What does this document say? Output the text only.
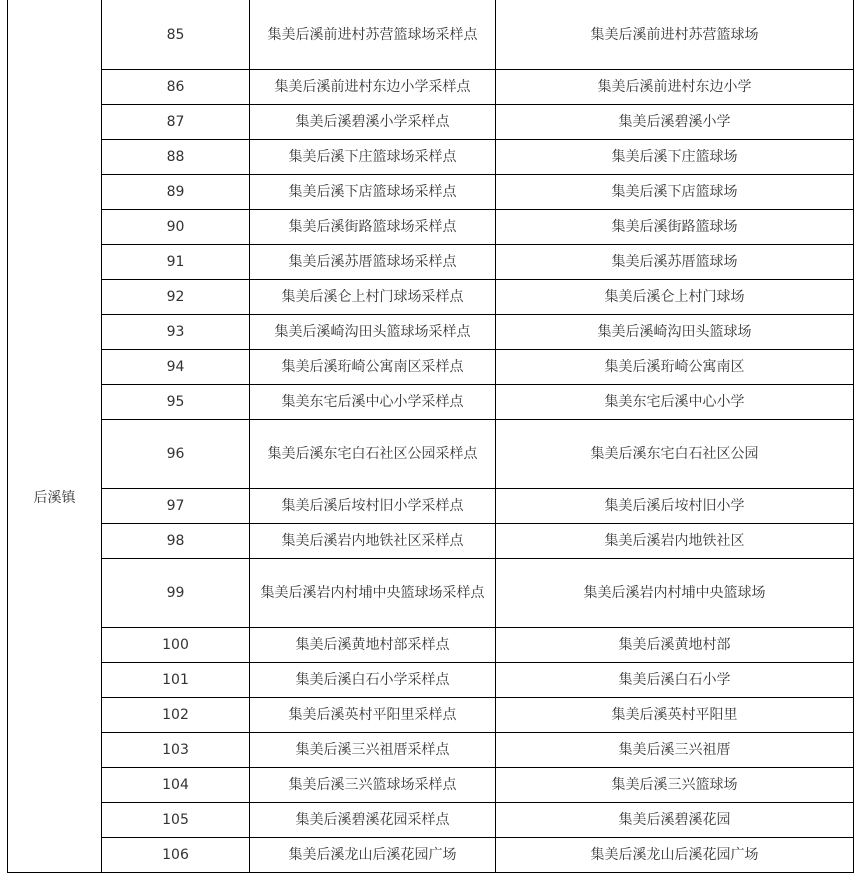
后溪镇	85	集美后溪前进村苏营篮球场采样点	集美后溪前进村苏营篮球场
	86	集美后溪前进村东边小学采样点	集美后溪前进村东边小学
	87	集美后溪碧溪小学采样点	集美后溪碧溪小学
	88	集美后溪下庄篮球场采样点	集美后溪下庄篮球场
	89	集美后溪下店篮球场采样点	集美后溪下店篮球场
	90	集美后溪街路篮球场采样点	集美后溪街路篮球场
	91	集美后溪苏厝篮球场采样点	集美后溪苏厝篮球场
	92	集美后溪仑上村门球场采样点	集美后溪仑上村门球场
	93	集美后溪崎沟田头篮球场采样点	集美后溪崎沟田头篮球场
	94	集美后溪珩崎公寓南区采样点	集美后溪珩崎公寓南区
	95	集美东宅后溪中心小学采样点	集美东宅后溪中心小学
	96	集美后溪东宅白石社区公园采样点	集美后溪东宅白石社区公园
	97	集美后溪后垵村旧小学采样点	集美后溪后垵村旧小学
	98	集美后溪岩内地铁社区采样点	集美后溪岩内地铁社区
	99	集美后溪岩内村埔中央篮球场采样点	集美后溪岩内村埔中央篮球场
	100	集美后溪黄地村部采样点	集美后溪黄地村部
	101	集美后溪白石小学采样点	集美后溪白石小学
	102	集美后溪英村平阳里采样点	集美后溪英村平阳里
	103	集美后溪三兴祖厝采样点	集美后溪三兴祖厝
	104	集美后溪三兴篮球场采样点	集美后溪三兴篮球场
	105	集美后溪碧溪花园采样点	集美后溪碧溪花园
	106	集美后溪龙山后溪花园广场	集美后溪龙山后溪花园广场
